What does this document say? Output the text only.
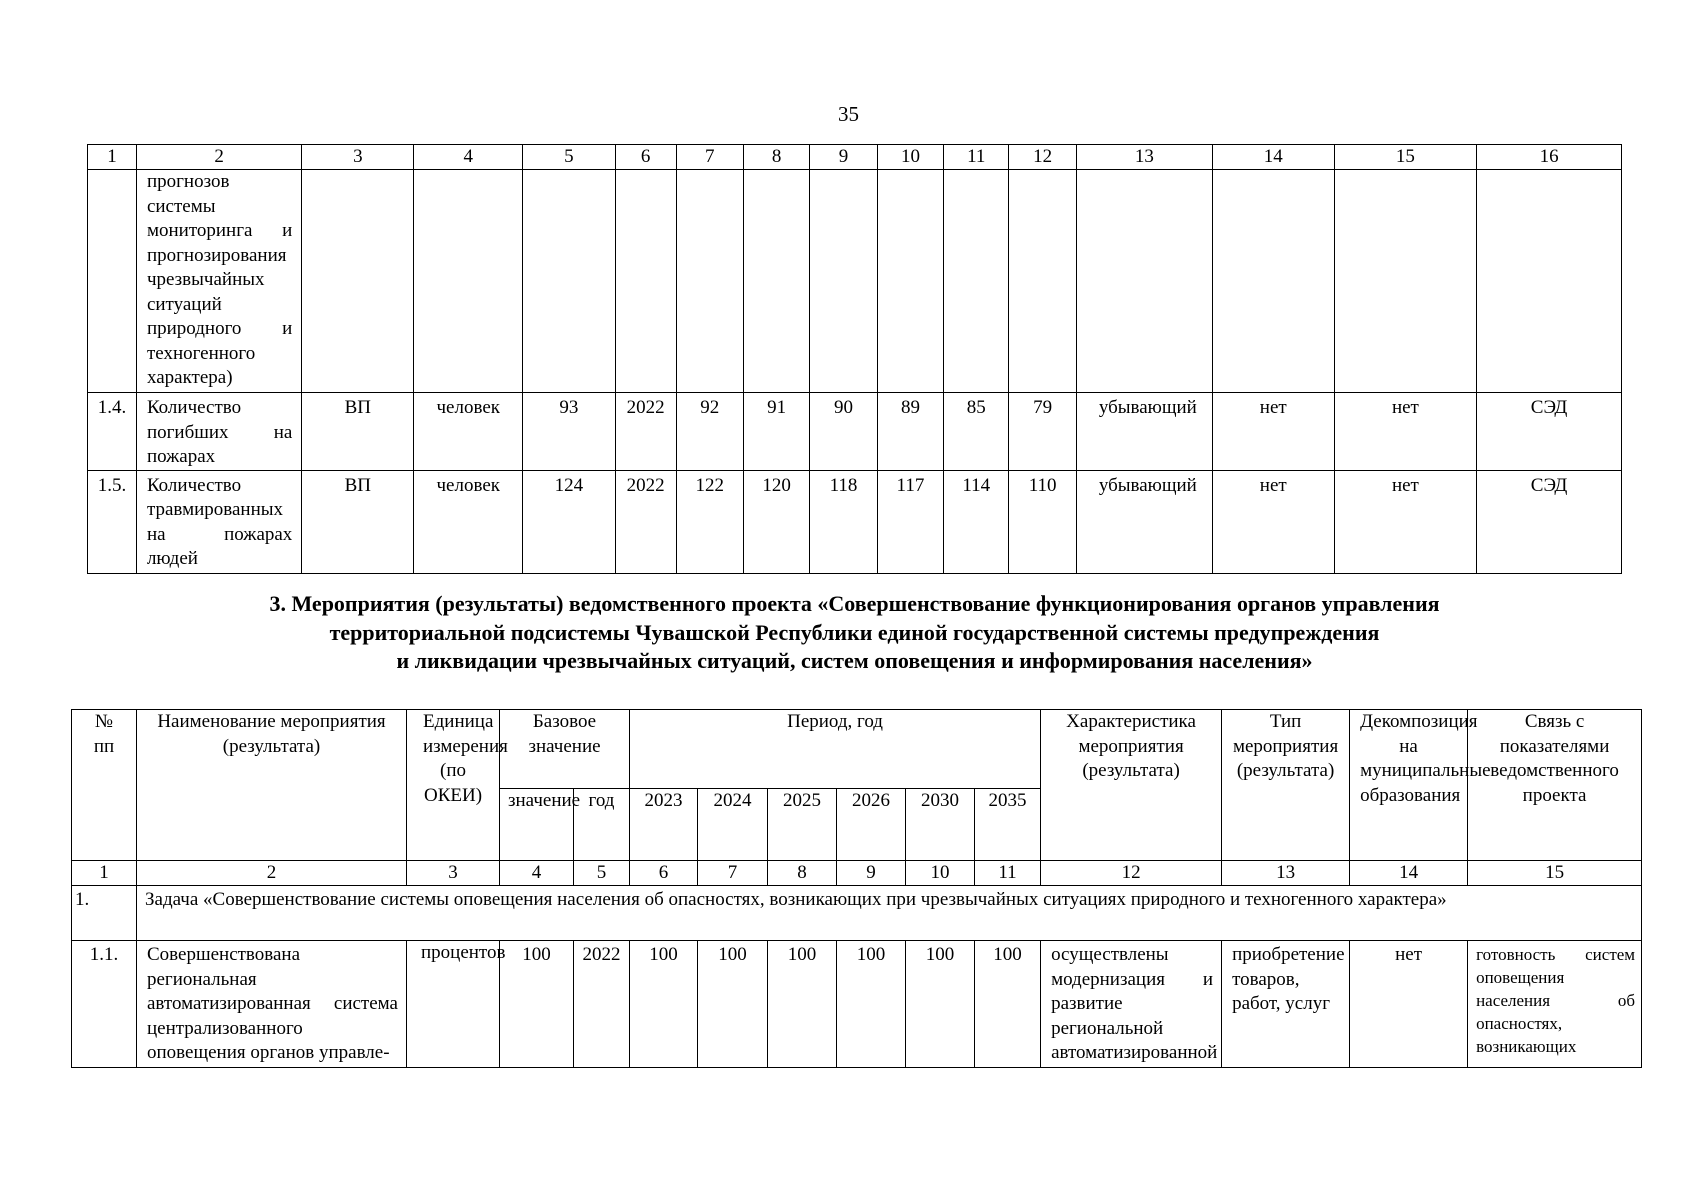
35
1	2	3	4	5	6	7	8	9	10	11	12	13	14	15	16
	прогнозов системы мониторинга и прогнозирования чрезвычайных ситуаций природного и техногенного характера)														
1.4.	Количество погибших на пожарах	ВП	человек	93	2022	92	91	90	89	85	79	убывающий	нет	нет	СЭД
1.5.	Количество травмированных на пожарах людей	ВП	человек	124	2022	122	120	118	117	114	110	убывающий	нет	нет	СЭД
3. Мероприятия (результаты) ведомственного проекта «Совершенствование функционирования органов управления
территориальной подсистемы Чувашской Республики единой государственной системы предупреждения
и ликвидации чрезвычайных ситуаций, систем оповещения и информирования населения»
№ пп	Наименование мероприятия (результата)	Единица измерения (по ОКЕИ)	Базовое значение		Период, год						Характеристика мероприятия (результата)	Тип мероприятия (результата)	Декомпозиция на муниципальные образования	Связь с показателями ведомственного проекта
			значение	год	2023	2024	2025	2026	2030	2035				
1	2	3	4	5	6	7	8	9	10	11	12	13	14	15
1.	Задача «Совершенствование системы оповещения населения об опасностях, возникающих при чрезвычайных ситуациях природного и техногенного характера»													
1.1.	Совершенствована региональная автоматизированная система централизованного оповещения органов управле-	процентов	100	2022	100	100	100	100	100	100	осуществлены модернизация и развитие региональной автоматизированной	приобретение товаров, работ, услуг	нет	готовность систем оповещения населения об опасностях, возникающих
